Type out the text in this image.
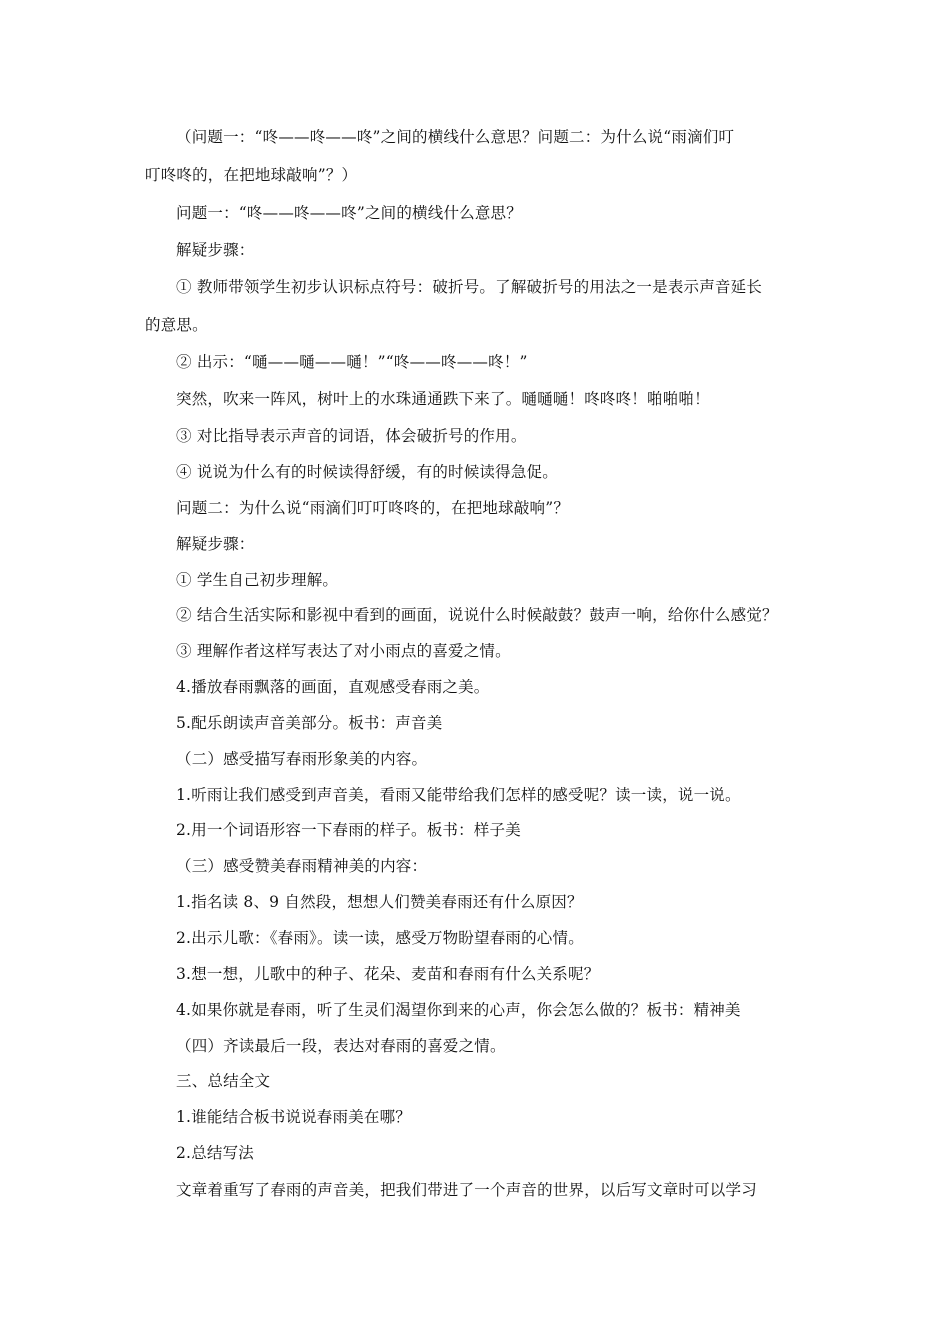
（问题一：“咚——咚——咚”之间的横线什么意思？问题二：为什么说“雨滴们叮
叮咚咚的，在把地球敲响”？）
问题一：“咚——咚——咚”之间的横线什么意思？
解疑步骤：
① 教师带领学生初步认识标点符号：破折号。了解破折号的用法之一是表示声音延长
的意思。
② 出示：“嗵——嗵——嗵！”“咚——咚——咚！”
突然，吹来一阵风，树叶上的水珠通通跌下来了。嗵嗵嗵！咚咚咚！啪啪啪！
③ 对比指导表示声音的词语，体会破折号的作用。
④ 说说为什么有的时候读得舒缓，有的时候读得急促。
问题二：为什么说“雨滴们叮叮咚咚的，在把地球敲响”？
解疑步骤：
① 学生自己初步理解。
② 结合生活实际和影视中看到的画面，说说什么时候敲鼓？鼓声一响，给你什么感觉？
③ 理解作者这样写表达了对小雨点的喜爱之情。
4.播放春雨飘落的画面，直观感受春雨之美。
5.配乐朗读声音美部分。板书：声音美
（二）感受描写春雨形象美的内容。
1.听雨让我们感受到声音美，看雨又能带给我们怎样的感受呢？读一读，说一说。
2.用一个词语形容一下春雨的样子。板书：样子美
（三）感受赞美春雨精神美的内容：
1.指名读 8、9 自然段，想想人们赞美春雨还有什么原因？
2.出示儿歌：《春雨》。读一读，感受万物盼望春雨的心情。
3.想一想，儿歌中的种子、花朵、麦苗和春雨有什么关系呢？
4.如果你就是春雨，听了生灵们渴望你到来的心声，你会怎么做的？板书：精神美
（四）齐读最后一段，表达对春雨的喜爱之情。
三、总结全文
1.谁能结合板书说说春雨美在哪？
2.总结写法
文章着重写了春雨的声音美，把我们带进了一个声音的世界，以后写文章时可以学习
